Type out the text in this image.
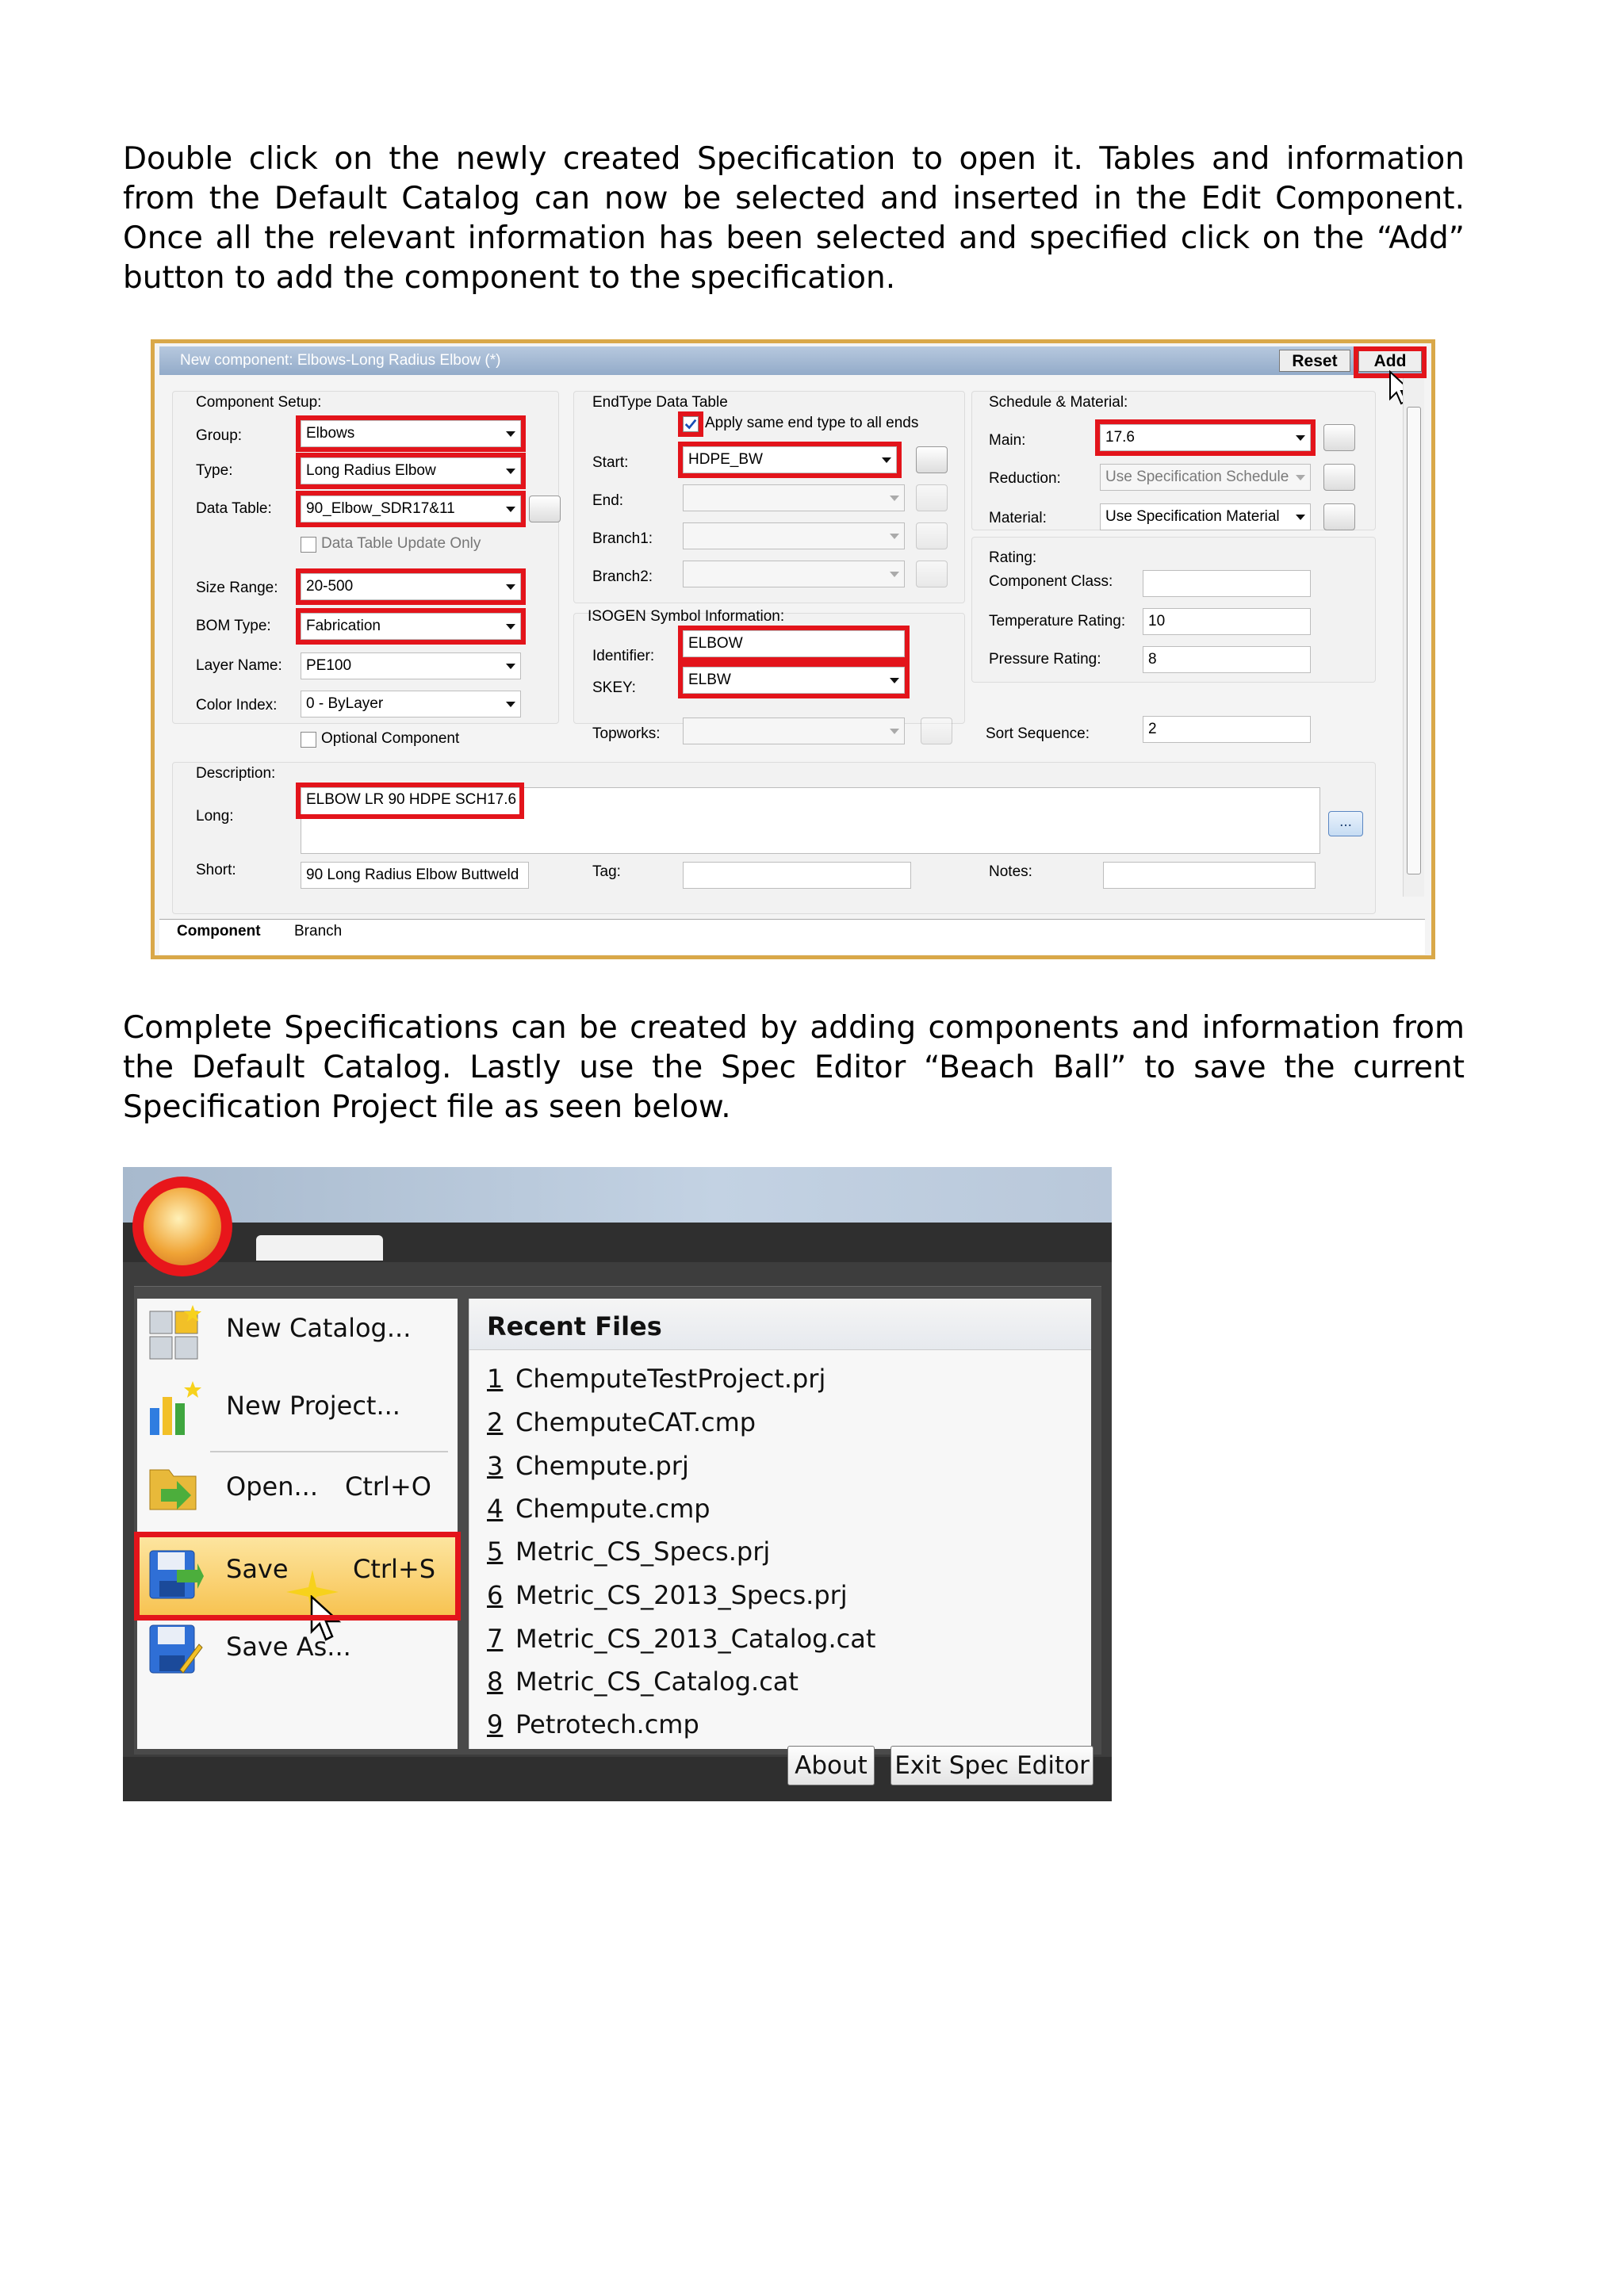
Double click on the newly created Specification to open it. Tables and information from the Default Catalog can now be selected and inserted in the Edit Component. Once all the relevant information has been selected and specified click on the “Add” button to add the component to the specification.

New component: Elbows-Long Radius Elbow (*)	Reset	Add
Component Setup:
Group:	Elbows
Type:	Long Radius Elbow
Data Table:	90_Elbow_SDR17&11
Data Table Update Only
Size Range:	20-500
BOM Type:	Fabrication
Layer Name:	PE100
Color Index:	0 - ByLayer
Optional Component
EndType Data Table
Apply same end type to all ends
Start:	HDPE_BW
End:
Branch1:
Branch2:
ISOGEN Symbol Information:
Identifier:
ELBOW
SKEY:	ELBW
Topworks:
Schedule & Material:
Main:	17.6
Reduction:	Use Specification Schedule
Material:	Use Specification Material
Rating:
Component Class:
Temperature Rating:	10
Pressure Rating:	8
Sort Sequence:	2
Description:
Long:
ELBOW LR 90 HDPE SCH17.6
...
Short:	90 Long Radius Elbow Buttweld	Tag:	Notes:
Component Branch

Complete Specifications can be created by adding components and information from the Default Catalog. Lastly use the Spec Editor “Beach Ball” to save the current Specification Project file as seen below.

New Catalog...
New Project...
Open... Ctrl+O
Save	Ctrl+S
Save As...
Recent Files
1 ChemputeTestProject.prj
2 ChemputeCAT.cmp
3 Chempute.prj
4 Chempute.cmp
5 Metric_CS_Specs.prj
6 Metric_CS_2013_Specs.prj
7 Metric_CS_2013_Catalog.cat
8 Metric_CS_Catalog.cat
9 Petrotech.cmp
About Exit Spec Editor
